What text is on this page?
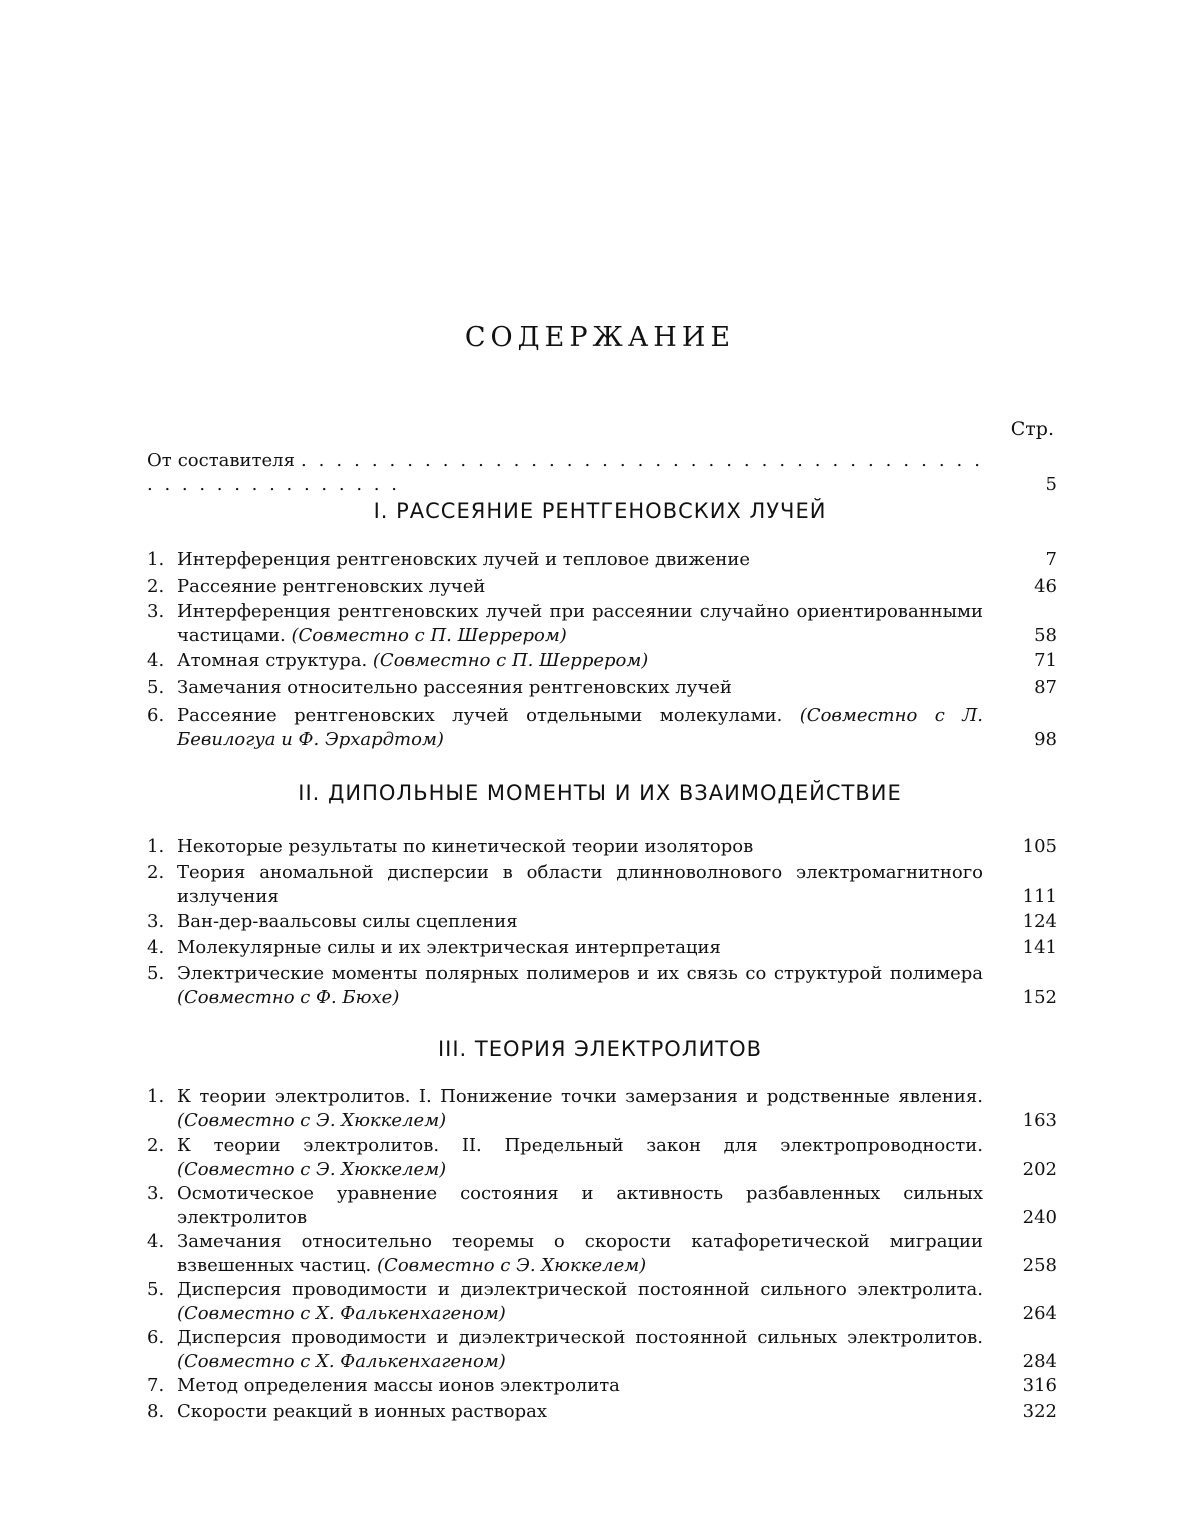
СОДЕРЖАНИЕ
Стр.
От составителя . . . . . . . . . . . . . . . . . . . . . . . . . . . . . . . . . . . . . . . . . . . . . . . . . . . . . .	5
I. РАССЕЯНИЕ РЕНТГЕНОВСКИХ ЛУЧЕЙ
1. Интерференция рентгеновских лучей и тепловое движение	7
2. Рассеяние рентгеновских лучей	46
3. Интерференция рентгеновских лучей при рассеянии случайно ориентированными частицами. (Совместно с П. Шеррером)	58
4. Атомная структура. (Совместно с П. Шеррером)	71
5. Замечания относительно рассеяния рентгеновских лучей	87
6. Рассеяние рентгеновских лучей отдельными молекулами. (Совместно с Л. Бевилогуа и Ф. Эрхардтом)	98
II. ДИПОЛЬНЫЕ МОМЕНТЫ И ИХ ВЗАИМОДЕЙСТВИЕ
1. Некоторые результаты по кинетической теории изоляторов	105
2. Теория аномальной дисперсии в области длинноволнового электромагнитного излучения	111
3. Ван-дер-ваальсовы силы сцепления	124
4. Молекулярные силы и их электрическая интерпретация	141
5. Электрические моменты полярных полимеров и их связь со структурой полимера (Совместно с Ф. Бюхе)	152
III. ТЕОРИЯ ЭЛЕКТРОЛИТОВ
1. К теории электролитов. I. Понижение точки замерзания и родственные явления. (Совместно с Э. Хюккелем)	163
2. К теории электролитов. II. Предельный закон для электропроводности. (Совместно с Э. Хюккелем)	202
3. Осмотическое уравнение состояния и активность разбавленных сильных электролитов	240
4. Замечания относительно теоремы о скорости катафоретической миграции взвешенных частиц. (Совместно с Э. Хюккелем)	258
5. Дисперсия проводимости и диэлектрической постоянной сильного электролита. (Совместно с Х. Фалькенхагеном)	264
6. Дисперсия проводимости и диэлектрической постоянной сильных электролитов. (Совместно с Х. Фалькенхагеном)	284
7. Метод определения массы ионов электролита	316
8. Скорости реакций в ионных растворах	322
